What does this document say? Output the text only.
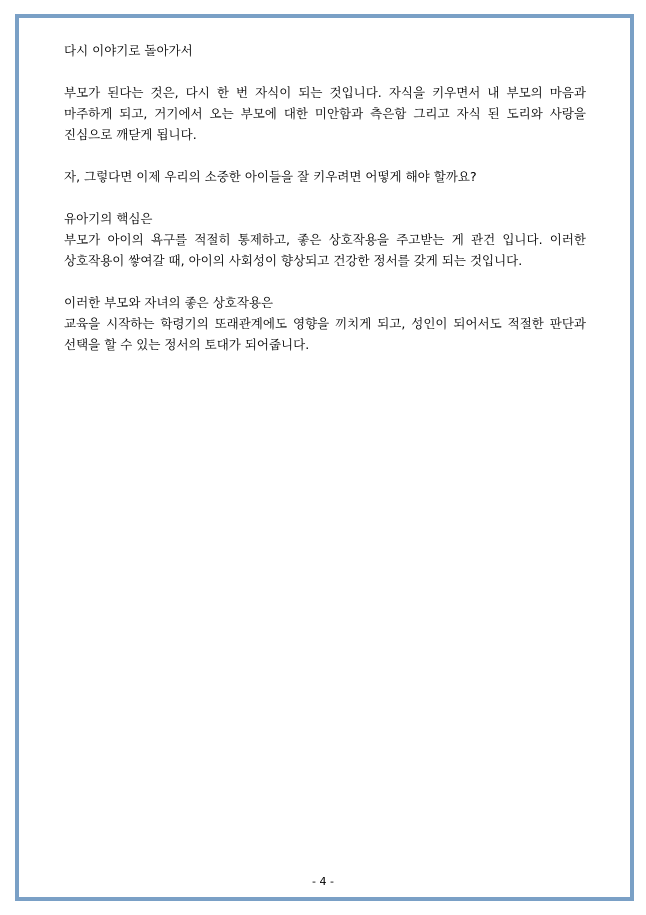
다시 이야기로 돌아가서

부모가 된다는 것은, 다시 한 번 자식이 되는 것입니다. 자식을 키우면서 내 부모의 마음과 마주하게 되고, 거기에서 오는 부모에 대한 미안함과 측은함 그리고 자식 된 도리와 사랑을 진심으로 깨닫게 됩니다.

자, 그렇다면 이제 우리의 소중한 아이들을 잘 키우려면 어떻게 해야 할까요?

유아기의 핵심은
부모가 아이의 욕구를 적절히 통제하고, 좋은 상호작용을 주고받는 게 관건 입니다. 이러한 상호작용이 쌓여갈 때, 아이의 사회성이 향상되고 건강한 정서를 갖게 되는 것입니다.
이러한 부모와 자녀의 좋은 상호작용은
교육을 시작하는 학령기의 또래관계에도 영향을 끼치게 되고, 성인이 되어서도 적절한 판단과 선택을 할 수 있는 정서의 토대가 되어줍니다.
- 4 -
